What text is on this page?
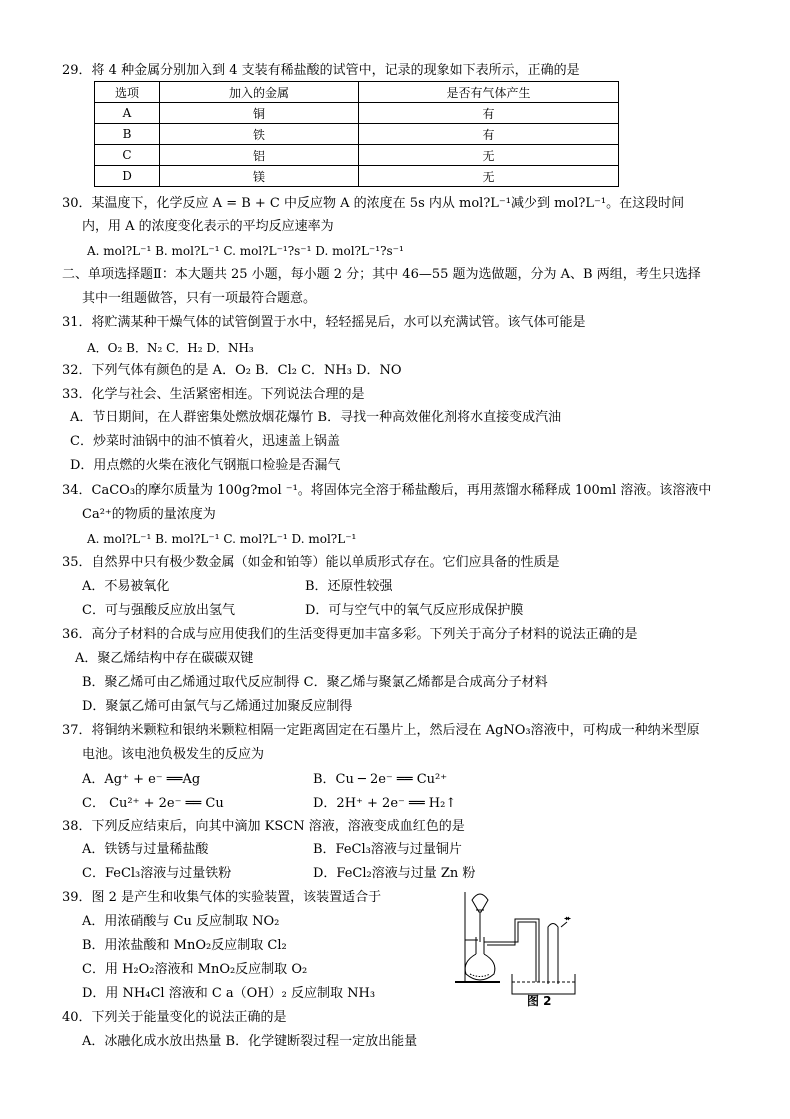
29．将 4 种金属分别加入到 4 支装有稀盐酸的试管中，记录的现象如下表所示，正确的是
选项	加入的金属	是否有气体产生
A	铜	有
B	铁	有
C	铝	无
D	镁	无
30．某温度下，化学反应 A = B + C 中反应物 A 的浓度在 5s 内从 mol?L⁻¹减少到 mol?L⁻¹。在这段时间
内，用 A 的浓度变化表示的平均反应速率为
A. mol?L⁻¹ B. mol?L⁻¹ C. mol?L⁻¹?s⁻¹ D. mol?L⁻¹?s⁻¹
二、单项选择题Ⅱ：本大题共 25 小题，每小题 2 分；其中 46—55 题为选做题，分为 A、B 两组，考生只选择
其中一组题做答，只有一项最符合题意。
31．将贮满某种干燥气体的试管倒置于水中，轻轻摇晃后，水可以充满试管。该气体可能是
A．O₂ B．N₂ C．H₂ D．NH₃
32．下列气体有颜色的是 A．O₂ B．Cl₂ C．NH₃ D．NO
33．化学与社会、生活紧密相连。下列说法合理的是
A．节日期间，在人群密集处燃放烟花爆竹 B．寻找一种高效催化剂将水直接变成汽油
C．炒菜时油锅中的油不慎着火，迅速盖上锅盖
D．用点燃的火柴在液化气钢瓶口检验是否漏气
34．CaCO₃的摩尔质量为 100g?mol ⁻¹。将固体完全溶于稀盐酸后，再用蒸馏水稀释成 100ml 溶液。该溶液中
Ca²⁺的物质的量浓度为
A. mol?L⁻¹ B. mol?L⁻¹ C. mol?L⁻¹ D. mol?L⁻¹
35．自然界中只有极少数金属（如金和铂等）能以单质形式存在。它们应具备的性质是
A．不易被氧化	B．还原性较强
C．可与强酸反应放出氢气	D．可与空气中的氧气反应形成保护膜
36．高分子材料的合成与应用使我们的生活变得更加丰富多彩。下列关于高分子材料的说法正确的是
A．聚乙烯结构中存在碳碳双键
B．聚乙烯可由乙烯通过取代反应制得 C．聚乙烯与聚氯乙烯都是合成高分子材料
D．聚氯乙烯可由氯气与乙烯通过加聚反应制得
37．将铜纳米颗粒和银纳米颗粒相隔一定距离固定在石墨片上，然后浸在 AgNO₃溶液中，可构成一种纳米型原
电池。该电池负极发生的反应为
A．Ag⁺ + e⁻ ══Ag	B．Cu ─ 2e⁻ ══ Cu²⁺
C． Cu²⁺ + 2e⁻ ══ Cu	D．2H⁺ + 2e⁻ ══ H₂↑
38．下列反应结束后，向其中滴加 KSCN 溶液，溶液变成血红色的是
A．铁锈与过量稀盐酸	B．FeCl₃溶液与过量铜片
C．FeCl₃溶液与过量铁粉	D．FeCl₂溶液与过量 Zn 粉
39．图 2 是产生和收集气体的实验装置，该装置适合于
A．用浓硝酸与 Cu 反应制取 NO₂
B．用浓盐酸和 MnO₂反应制取 Cl₂
C．用 H₂O₂溶液和 MnO₂反应制取 O₂
D．用 NH₄Cl 溶液和 C a（OH）₂ 反应制取 NH₃	图 2
40．下列关于能量变化的说法正确的是
A．冰融化成水放出热量 B．化学键断裂过程一定放出能量
